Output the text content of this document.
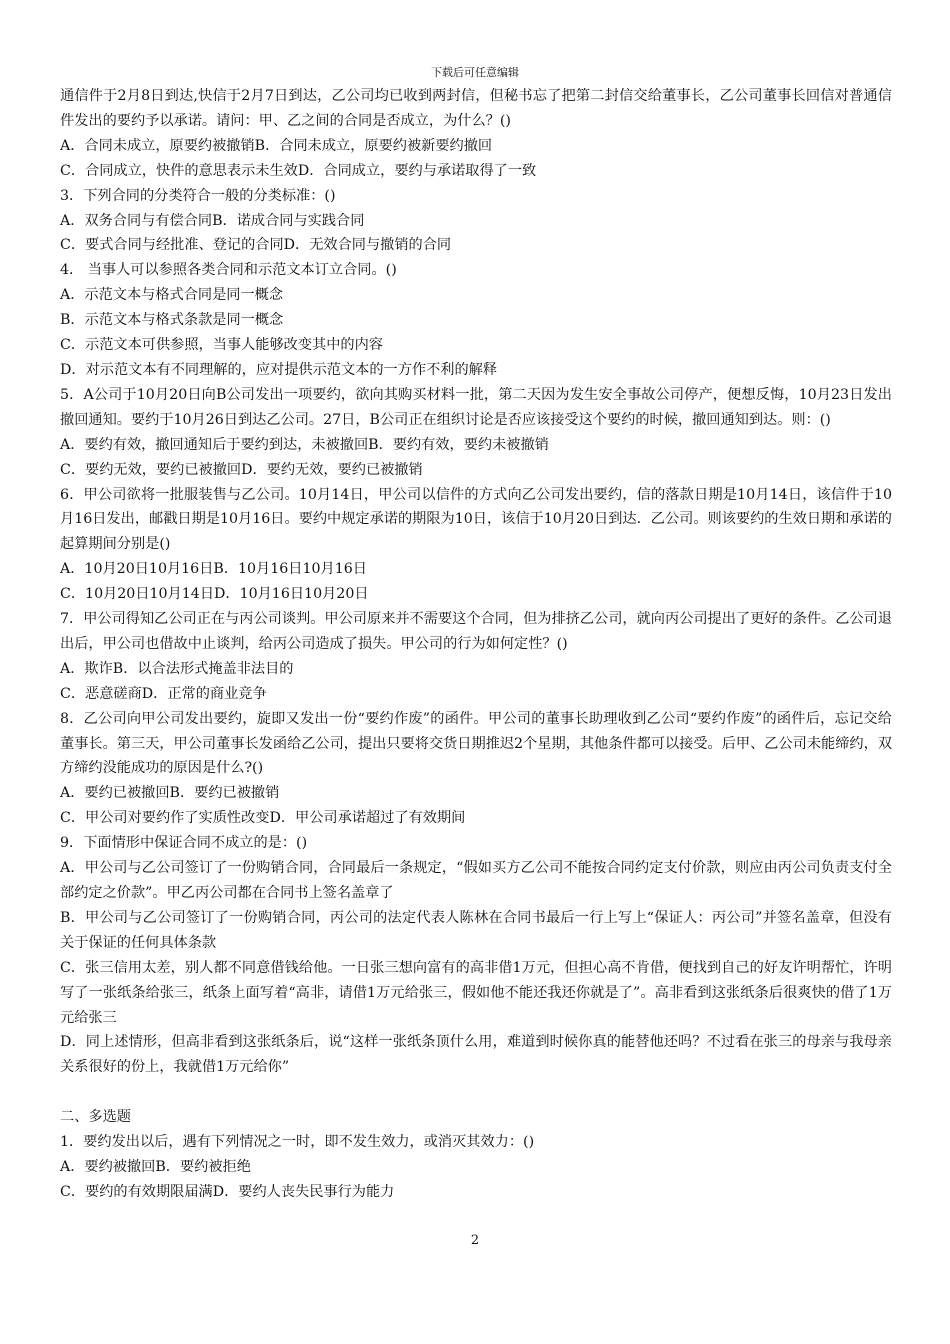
下载后可任意编辑

通信件于2月8日到达,快信于2月7日到达，乙公司均已收到两封信，但秘书忘了把第二封信交给董事长，乙公司董事长回信对普通信件发出的要约予以承诺。请问：甲、乙之间的合同是否成立，为什么？()

A．合同未成立，原要约被撤销B．合同未成立，原要约被新要约撤回

C．合同成立，快件的意思表示未生效D．合同成立，要约与承诺取得了一致

3．下列合同的分类符合一般的分类标准：()

A．双务合同与有偿合同B．诺成合同与实践合同

C．要式合同与经批准、登记的合同D．无效合同与撤销的合同

4． 当事人可以参照各类合同和示范文本订立合同。()

A．示范文本与格式合同是同一概念

B．示范文本与格式条款是同一概念

C．示范文本可供参照，当事人能够改变其中的内容

D．对示范文本有不同理解的，应对提供示范文本的一方作不利的解释

5．A公司于10月20日向B公司发出一项要约，欲向其购买材料一批，第二天因为发生安全事故公司停产，便想反悔，10月23日发出撤回通知。要约于10月26日到达乙公司。27日，B公司正在组织讨论是否应该接受这个要约的时候，撤回通知到达。则：()

A．要约有效，撤回通知后于要约到达，未被撤回B．要约有效，要约未被撤销

C．要约无效，要约已被撤回D．要约无效，要约已被撤销

6．甲公司欲将一批服装售与乙公司。10月14日，甲公司以信件的方式向乙公司发出要约，信的落款日期是10月14日，该信件于10月16日发出，邮戳日期是10月16日。要约中规定承诺的期限为10日，该信于10月20日到达．乙公司。则该要约的生效日期和承诺的起算期间分别是()

A．10月20日10月16日B．10月16日10月16日

C．10月20日10月14日D．10月16日10月20日

7．甲公司得知乙公司正在与丙公司谈判。甲公司原来并不需要这个合同，但为排挤乙公司，就向丙公司提出了更好的条件。乙公司退出后，甲公司也借故中止谈判，给丙公司造成了损失。甲公司的行为如何定性？()

A．欺诈B．以合法形式掩盖非法目的

C．恶意磋商D．正常的商业竞争

8．乙公司向甲公司发出要约，旋即又发出一份“要约作废”的函件。甲公司的董事长助理收到乙公司“要约作废”的函件后，忘记交给董事长。第三天，甲公司董事长发函给乙公司，提出只要将交货日期推迟2个星期，其他条件都可以接受。后甲、乙公司未能缔约，双方缔约没能成功的原因是什么?()

A．要约已被撤回B．要约已被撤销

C．甲公司对要约作了实质性改变D．甲公司承诺超过了有效期间

9．下面情形中保证合同不成立的是：()

A．甲公司与乙公司签订了一份购销合同，合同最后一条规定，“假如买方乙公司不能按合同约定支付价款，则应由丙公司负责支付全部约定之价款”。甲乙丙公司都在合同书上签名盖章了

B．甲公司与乙公司签订了一份购销合同，丙公司的法定代表人陈林在合同书最后一行上写上“保证人：丙公司”并签名盖章，但没有关于保证的任何具体条款

C．张三信用太差，别人都不同意借钱给他。一日张三想向富有的高非借1万元，但担心高不肯借，便找到自己的好友许明帮忙，许明写了一张纸条给张三，纸条上面写着“高非，请借1万元给张三，假如他不能还我还你就是了”。高非看到这张纸条后很爽快的借了1万元给张三

D．同上述情形，但高非看到这张纸条后，说“这样一张纸条顶什么用，难道到时候你真的能替他还吗？不过看在张三的母亲与我母亲关系很好的份上，我就借1万元给你”

二、多选题

1．要约发出以后，遇有下列情况之一时，即不发生效力，或消灭其效力：()

A．要约被撤回B．要约被拒绝

C．要约的有效期限届满D．要约人丧失民事行为能力

2
